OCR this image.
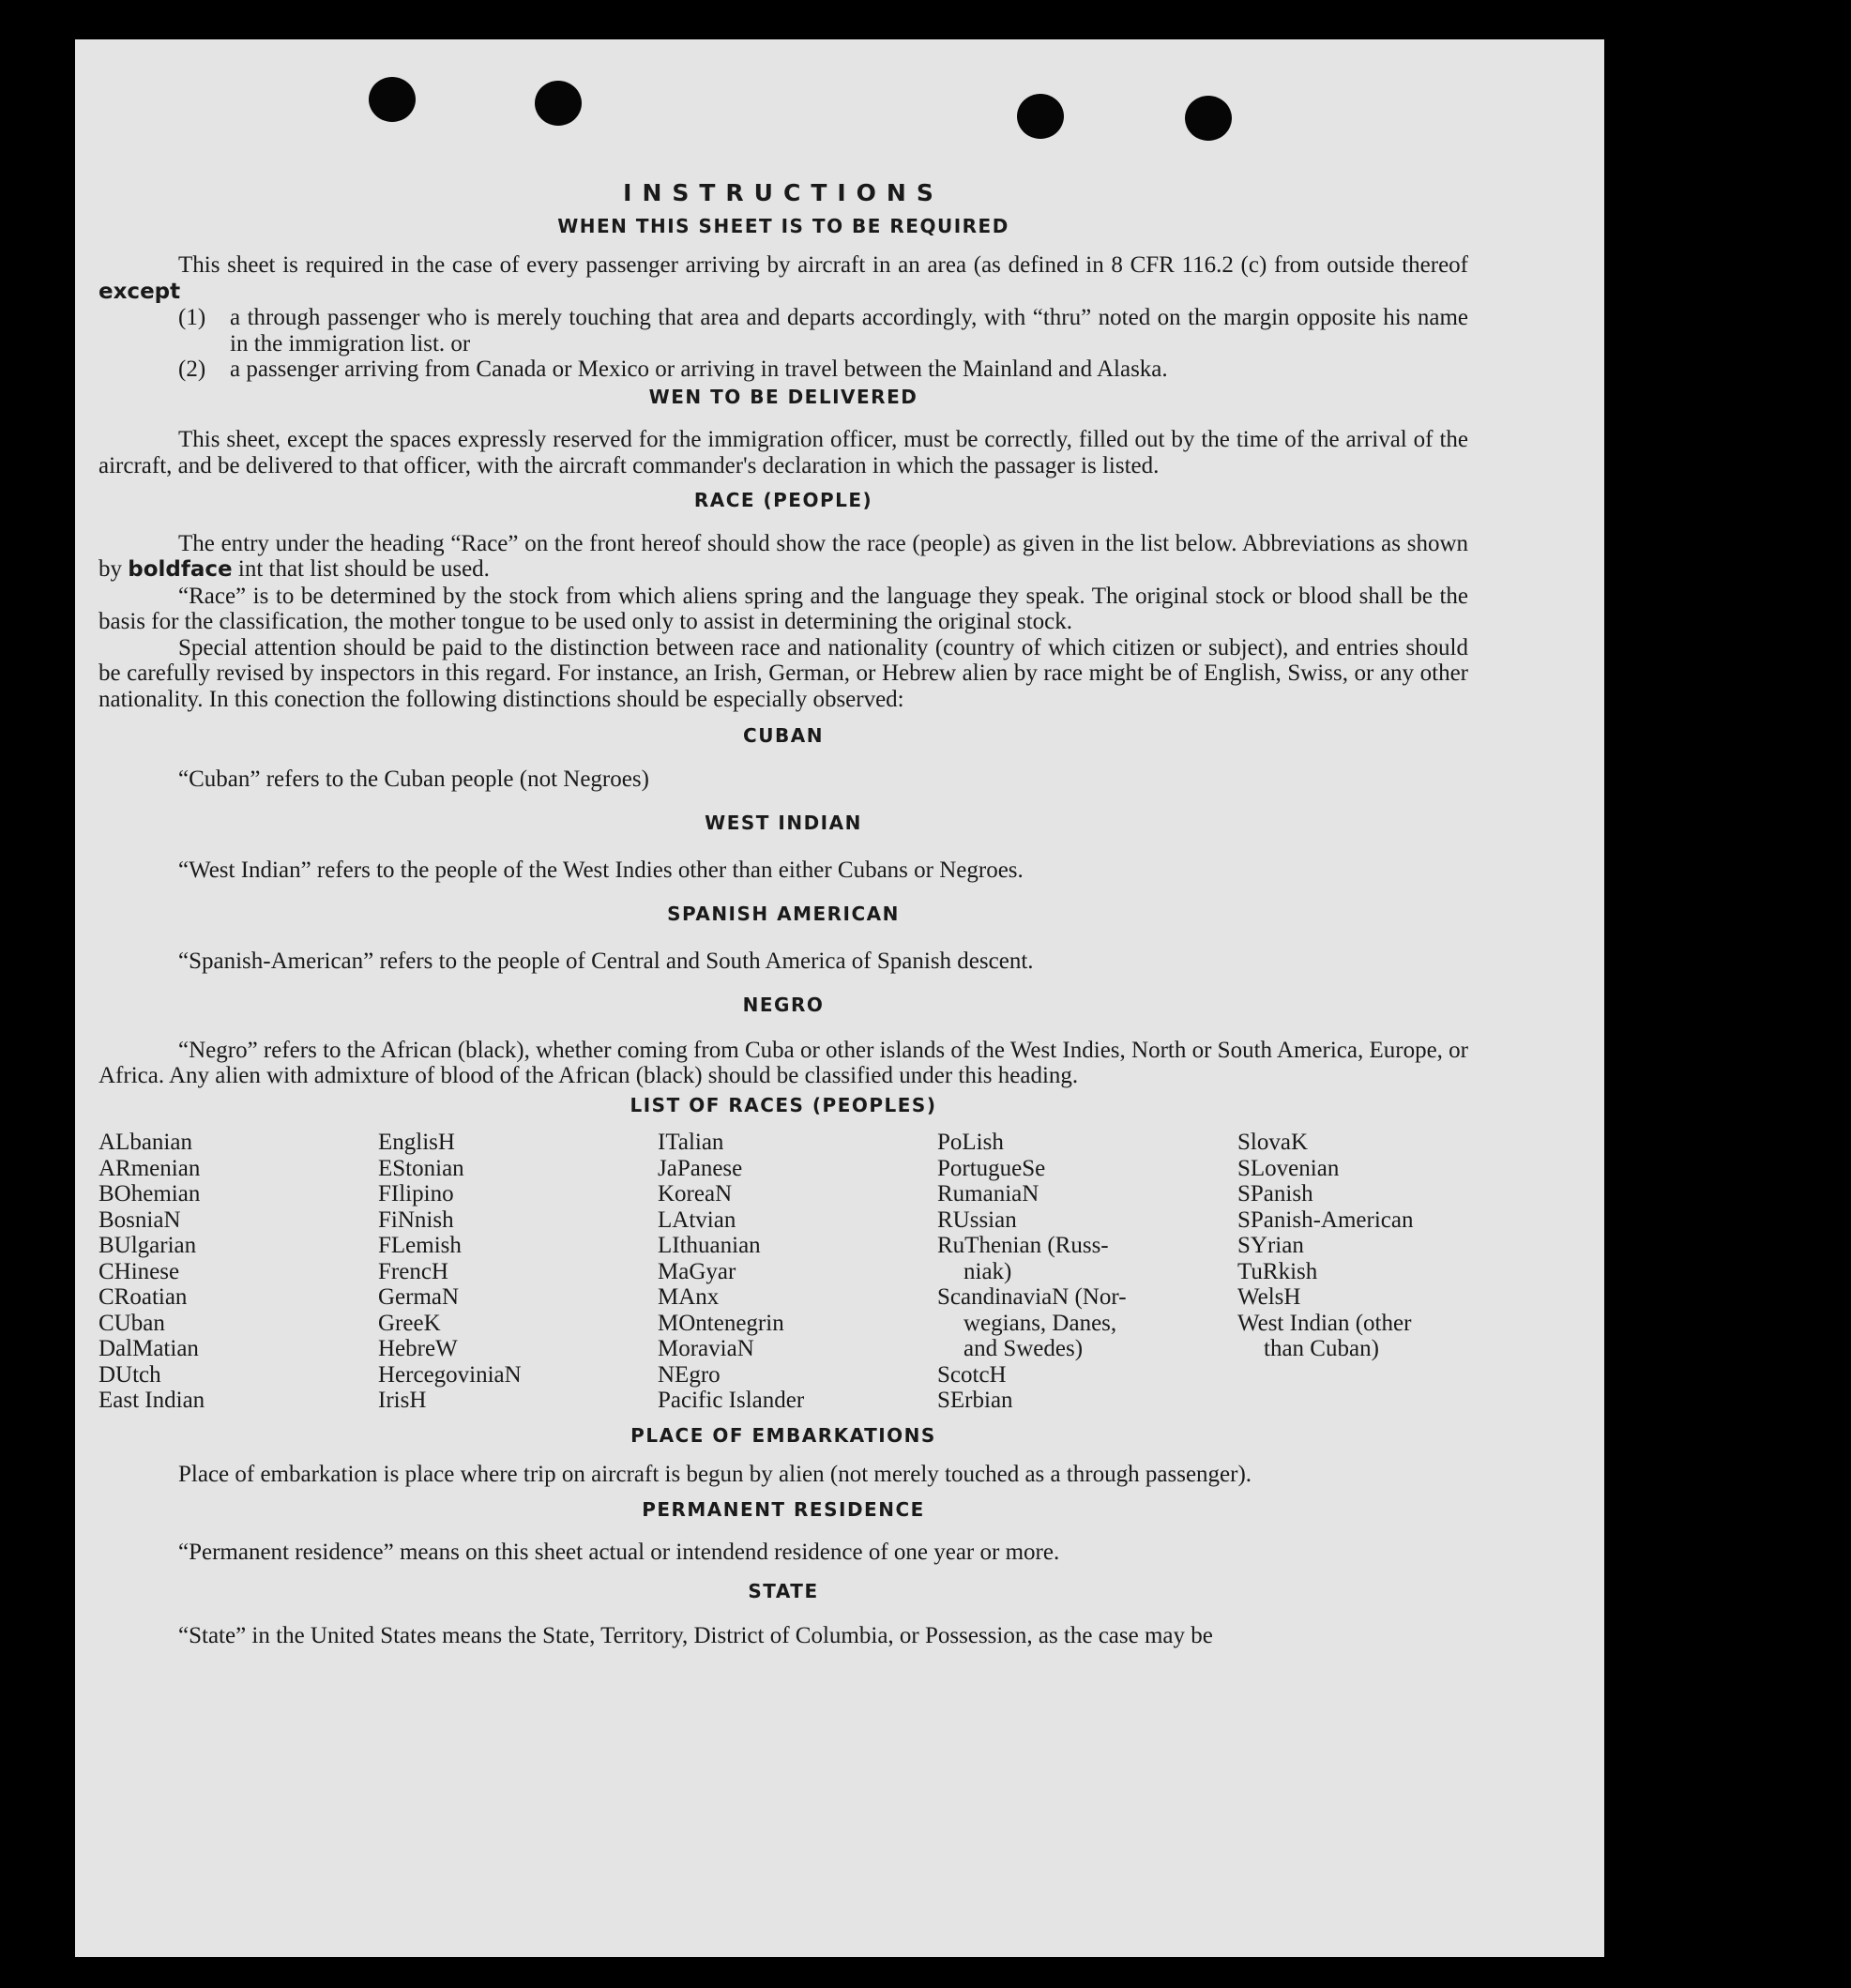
INSTRUCTIONS
WHEN THIS SHEET IS TO BE REQUIRED

This sheet is required in the case of every passenger arriving by aircraft in an area (as defined in 8 CFR 116.2 (c) from outside thereof except

(1) a through passenger who is merely touching that area and departs accordingly, with “thru” noted on the margin opposite his name in the immigration list. or

(2) a passenger arriving from Canada or Mexico or arriving in travel between the Mainland and Alaska.

WEN TO BE DELIVERED

This sheet, except the spaces expressly reserved for the immigration officer, must be correctly, filled out by the time of the arrival of the aircraft, and be delivered to that officer, with the aircraft commander's declaration in which the passager is listed.

RACE (PEOPLE)

The entry under the heading “Race” on the front hereof should show the race (people) as given in the list below. Abbreviations as shown by boldface int that list should be used.

“Race” is to be determined by the stock from which aliens spring and the language they speak. The original stock or blood shall be the basis for the classification, the mother tongue to be used only to assist in determining the original stock.

Special attention should be paid to the distinction between race and nationality (country of which citizen or subject), and entries should be carefully revised by inspectors in this regard. For instance, an Irish, German, or Hebrew alien by race might be of English, Swiss, or any other nationality. In this conection the following distinctions should be especially observed:

CUBAN

“Cuban” refers to the Cuban people (not Negroes)

WEST INDIAN

“West Indian” refers to the people of the West Indies other than either Cubans or Negroes.

SPANISH AMERICAN

“Spanish-American” refers to the people of Central and South America of Spanish descent.

NEGRO

“Negro” refers to the African (black), whether coming from Cuba or other islands of the West Indies, North or South America, Europe, or Africa. Any alien with admixture of blood of the African (black) should be classified under this heading.

LIST OF RACES (PEOPLES)
ALbanian
ARmenian
BOhemian
BosniaN
BUlgarian
CHinese
CRoatian
CUban
DalMatian
DUtch
East Indian
EnglisH
EStonian
FIlipino
FiNnish
FLemish
FrencH
GermaN
GreeK
HebreW
HercegoviniaN
IrisH
ITalian
JaPanese
KoreaN
LAtvian
LIthuanian
MaGyar
MAnx
MOntenegrin
MoraviaN
NEgro
Pacific Islander
PoLish
PortugueSe
RumaniaN
RUssian
RuThenian (Russ-
niak)
ScandinaviaN (Nor-
wegians, Danes,
and Swedes)
ScotcH
SErbian
SlovaK
SLovenian
SPanish
SPanish-American
SYrian
TuRkish
WelsH
West Indian (other
than Cuban)
PLACE OF EMBARKATIONS

Place of embarkation is place where trip on aircraft is begun by alien (not merely touched as a through passenger).

PERMANENT RESIDENCE

“Permanent residence” means on this sheet actual or intendend residence of one year or more.

STATE

“State” in the United States means the State, Territory, District of Columbia, or Possession, as the case may be
